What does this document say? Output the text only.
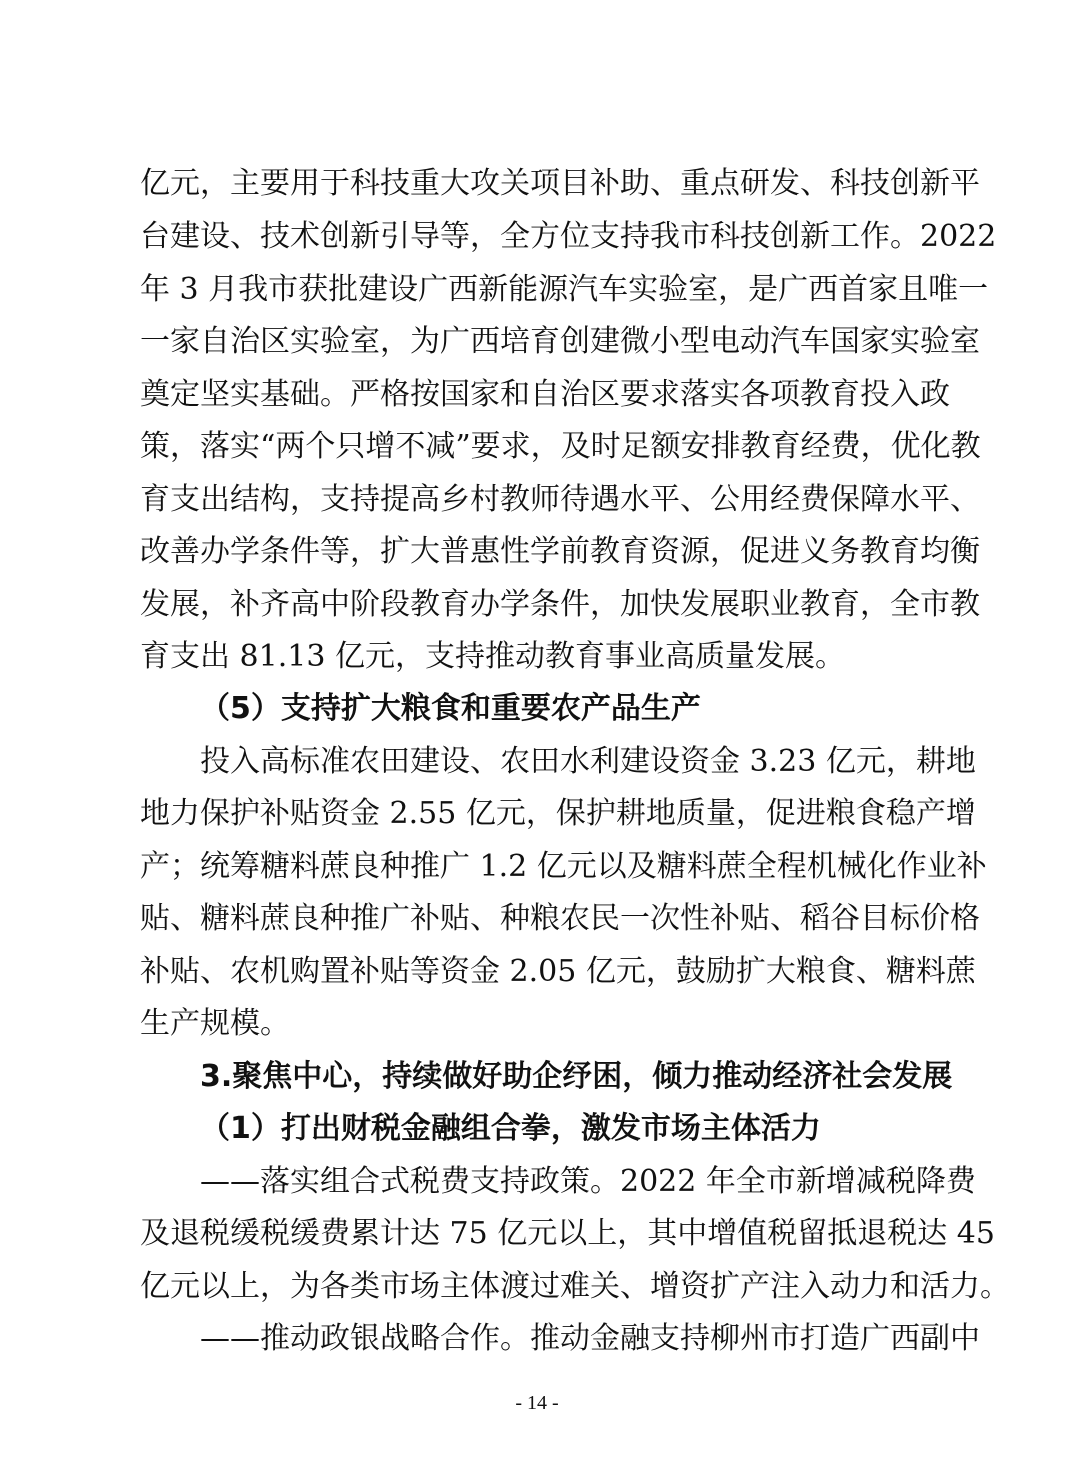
亿元，主要用于科技重大攻关项目补助、重点研发、科技创新平
台建设、技术创新引导等，全方位支持我市科技创新工作。2022
年 3 月我市获批建设广西新能源汽车实验室，是广西首家且唯一
一家自治区实验室，为广西培育创建微小型电动汽车国家实验室
奠定坚实基础。严格按国家和自治区要求落实各项教育投入政
策，落实“两个只增不减”要求，及时足额安排教育经费，优化教
育支出结构，支持提高乡村教师待遇水平、公用经费保障水平、
改善办学条件等，扩大普惠性学前教育资源，促进义务教育均衡
发展，补齐高中阶段教育办学条件，加快发展职业教育，全市教
育支出 81.13 亿元，支持推动教育事业高质量发展。
（5）支持扩大粮食和重要农产品生产
投入高标准农田建设、农田水利建设资金 3.23 亿元，耕地
地力保护补贴资金 2.55 亿元，保护耕地质量，促进粮食稳产增
产；统筹糖料蔗良种推广 1.2 亿元以及糖料蔗全程机械化作业补
贴、糖料蔗良种推广补贴、种粮农民一次性补贴、稻谷目标价格
补贴、农机购置补贴等资金 2.05 亿元，鼓励扩大粮食、糖料蔗
生产规模。
3.聚焦中心，持续做好助企纾困，倾力推动经济社会发展
（1）打出财税金融组合拳，激发市场主体活力
——落实组合式税费支持政策。2022 年全市新增减税降费
及退税缓税缓费累计达 75 亿元以上，其中增值税留抵退税达 45
亿元以上，为各类市场主体渡过难关、增资扩产注入动力和活力。
——推动政银战略合作。推动金融支持柳州市打造广西副中
- 14 -
